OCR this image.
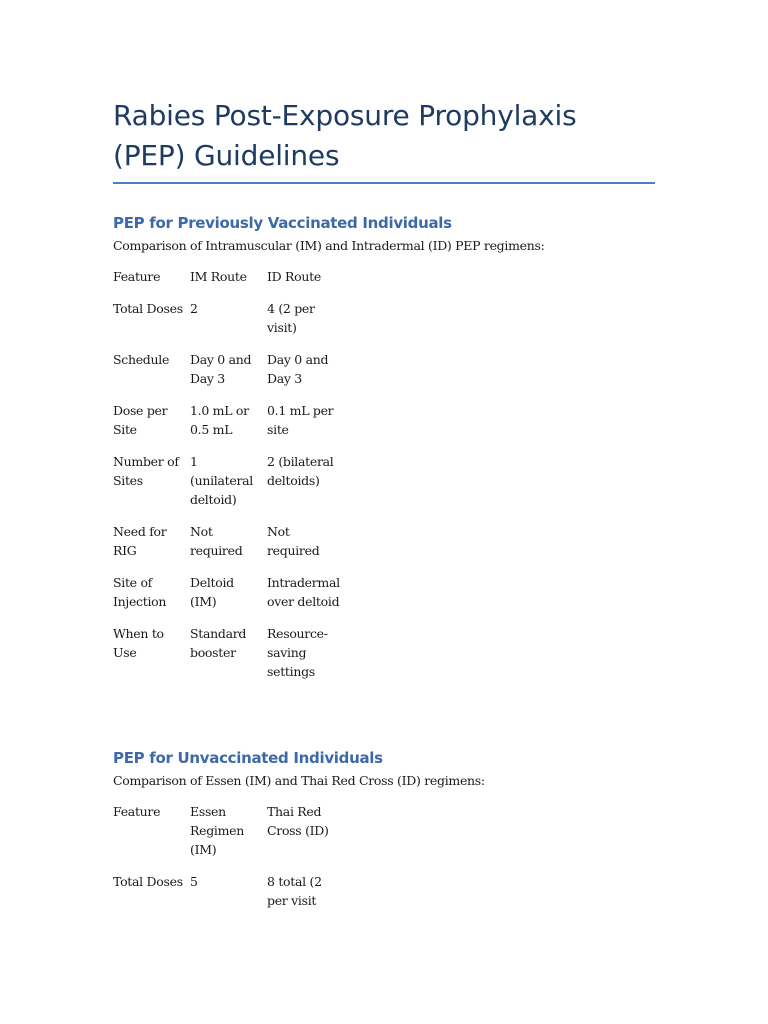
Rabies Post-Exposure Prophylaxis (PEP) Guidelines
PEP for Previously Vaccinated Individuals

Comparison of Intramuscular (IM) and Intradermal (ID) PEP regimens:

Feature	IM Route	ID Route
Total Doses	2	4 (2 per visit)
Schedule	Day 0 and Day 3	Day 0 and Day 3
Dose per Site	1.0 mL or 0.5 mL	0.1 mL per site
Number of Sites	1 (unilateral deltoid)	2 (bilateral deltoids)
Need for RIG	Not required	Not required
Site of Injection	Deltoid (IM)	Intradermal over deltoid
When to Use	Standard booster	Resource-saving settings
PEP for Unvaccinated Individuals

Comparison of Essen (IM) and Thai Red Cross (ID) regimens:

Feature	Essen Regimen (IM)	Thai Red Cross (ID)
Total Doses	5	8 total (2 per visit
